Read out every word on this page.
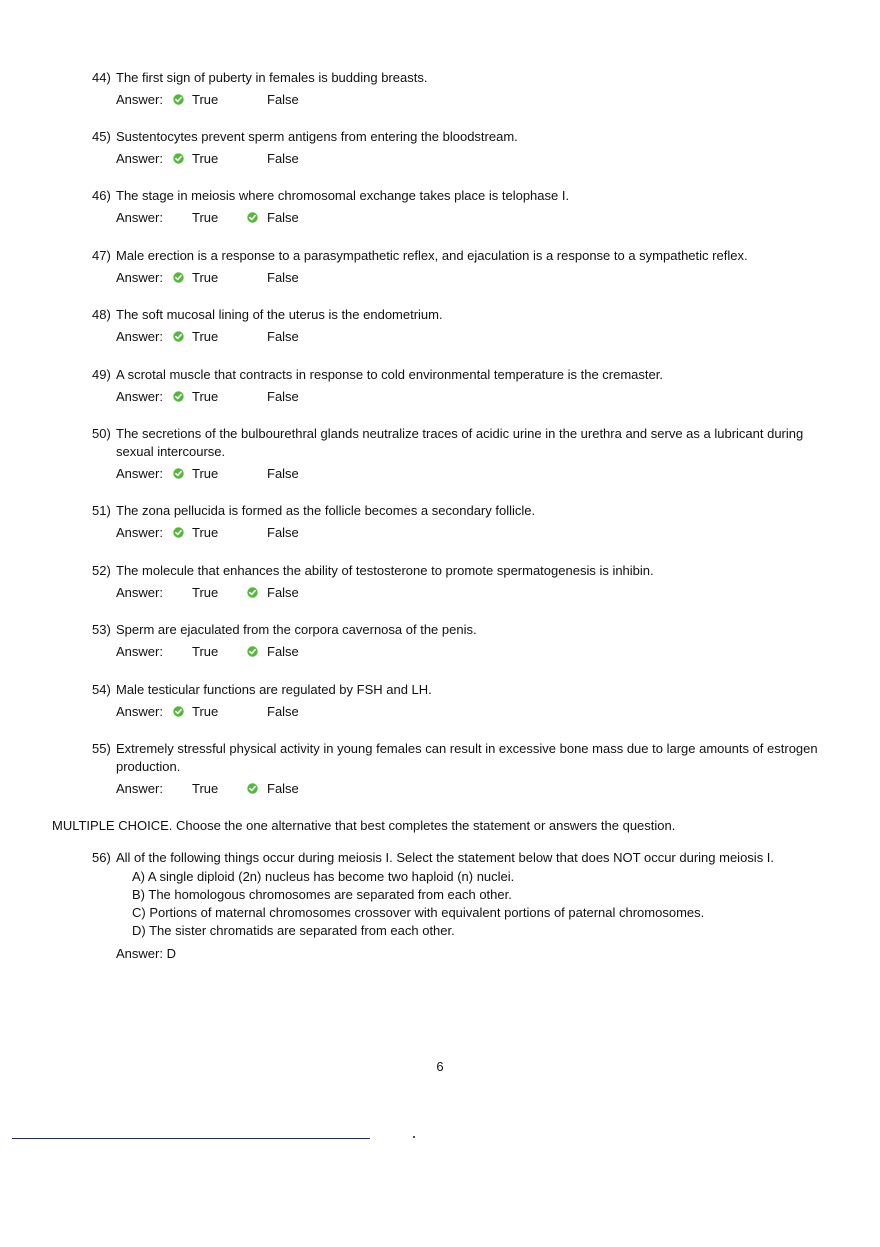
44) The first sign of puberty in females is budding breasts.
Answer: True	False
45) Sustentocytes prevent sperm antigens from entering the bloodstream.
Answer: True	False
46) The stage in meiosis where chromosomal exchange takes place is telophase I.
Answer: True	False
47) Male erection is a response to a parasympathetic reflex, and ejaculation is a response to a sympathetic reflex.
Answer: True	False
48) The soft mucosal lining of the uterus is the endometrium.
Answer: True	False
49) A scrotal muscle that contracts in response to cold environmental temperature is the cremaster.
Answer: True	False
50) The secretions of the bulbourethral glands neutralize traces of acidic urine in the urethra and serve as a lubricant during sexual intercourse.
Answer: True	False
51) The zona pellucida is formed as the follicle becomes a secondary follicle.
Answer: True	False
52) The molecule that enhances the ability of testosterone to promote spermatogenesis is inhibin.
Answer: True	False
53) Sperm are ejaculated from the corpora cavernosa of the penis.
Answer: True	False
54) Male testicular functions are regulated by FSH and LH.
Answer: True	False
55) Extremely stressful physical activity in young females can result in excessive bone mass due to large amounts of estrogen production.
Answer: True	False
MULTIPLE CHOICE. Choose the one alternative that best completes the statement or answers the question.
56) All of the following things occur during meiosis I. Select the statement below that does NOT occur during meiosis I.
A) A single diploid (2n) nucleus has become two haploid (n) nuclei.
B) The homologous chromosomes are separated from each other.
C) Portions of maternal chromosomes crossover with equivalent portions of paternal chromosomes.
D) The sister chromatids are separated from each other.
Answer: D
6
